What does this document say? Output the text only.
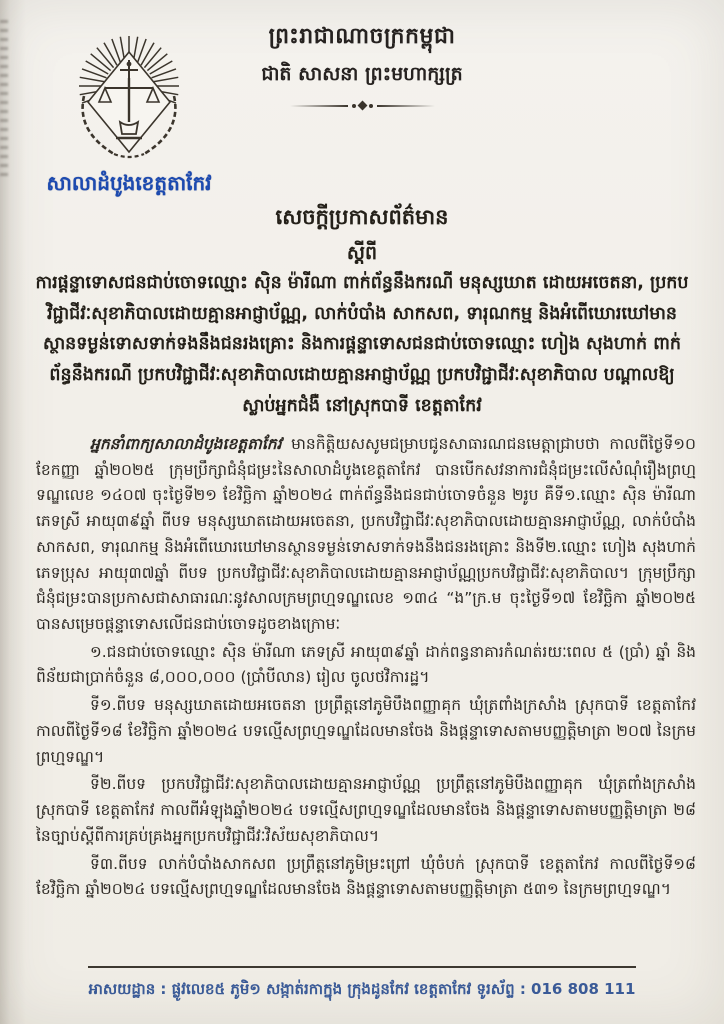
ព្រះរាជាណាចក្រកម្ពុជា
ជាតិ សាសនា ព្រះមហាក្សត្រ
សាលាដំបូងខេត្តតាកែវ
សេចក្តីប្រកាសព័ត៌មាន
ស្តីពី
ការផ្តន្ទាទោសជនជាប់ចោទឈ្មោះ ស៊ិន ម៉ារីណា ពាក់ព័ន្ធនឹងករណី មនុស្សឃាត ដោយអចេតនា, ប្រកបវិជ្ជាជីវៈសុខាភិបាលដោយគ្មានអាជ្ញាប័ណ្ណ, លាក់បំបាំង សាកសព, ទារុណកម្ម និងអំពើឃោរឃៅមានស្ថានទម្ងន់ទោសទាក់ទងនឹងជនរងគ្រោះ និងការផ្តន្ទាទោសជនជាប់ចោទឈ្មោះ ហៀង សុងហាក់ ពាក់ព័ន្ធនឹងករណី ប្រកបវិជ្ជាជីវៈសុខាភិបាលដោយគ្មានអាជ្ញាប័ណ្ណ ប្រកបវិជ្ជាជីវៈសុខាភិបាល បណ្តាលឱ្យស្លាប់អ្នកជំងឺ នៅស្រុកបាទី ខេត្តតាកែវ

អ្នកនាំពាក្យសាលាដំបូងខេត្តតាកែវ មានកិត្តិយសសូមជម្រាបជូនសាធារណជនមេត្តាជ្រាបថា កាលពីថ្ងៃទី១០ ខែកញ្ញា ឆ្នាំ២០២៥ ក្រុមប្រឹក្សាជំនុំជម្រះនៃសាលាដំបូងខេត្តតាកែវ បានបើកសវនាការជំនុំជម្រះលើសំណុំរឿងព្រហ្មទណ្ឌលេខ ១៤០៧ ចុះថ្ងៃទី២១ ខែវិច្ឆិកា ឆ្នាំ២០២៤ ពាក់ព័ន្ធនឹងជនជាប់ចោទចំនួន ២រូប គឺទី១.ឈ្មោះ ស៊ិន ម៉ារីណា ភេទស្រី អាយុ៣៩ឆ្នាំ ពីបទ មនុស្សឃាតដោយអចេតនា, ប្រកបវិជ្ជាជីវៈសុខាភិបាលដោយគ្មានអាជ្ញាប័ណ្ណ, លាក់បំបាំងសាកសព, ទារុណកម្ម និងអំពើឃោរឃៅមានស្ថានទម្ងន់ទោសទាក់ទងនឹងជនរងគ្រោះ និងទី២.ឈ្មោះ ហៀង សុងហាក់ ភេទប្រុស អាយុ៣៧ឆ្នាំ ពីបទ ប្រកបវិជ្ជាជីវៈសុខាភិបាលដោយគ្មានអាជ្ញាប័ណ្ណប្រកបវិជ្ជាជីវៈសុខាភិបាល។ ក្រុមប្រឹក្សាជំនុំជម្រះបានប្រកាសជាសាធារណៈនូវសាលក្រមព្រហ្មទណ្ឌលេខ ១៣៤ “ង”ក្រ.ម ចុះថ្ងៃទី១៧ ខែវិច្ឆិកា ឆ្នាំ២០២៥ បានសម្រេចផ្តន្ទាទោសលើជនជាប់ចោទដូចខាងក្រោមៈ

១.ជនជាប់ចោទឈ្មោះ ស៊ិន ម៉ារីណា ភេទស្រី អាយុ៣៩ឆ្នាំ ដាក់ពន្ធនាគារកំណត់រយៈពេល ៥ (ប្រាំ) ឆ្នាំ និងពិន័យជាប្រាក់ចំនួន ៨,០០០,០០០ (ប្រាំបីលាន) រៀល ចូលថវិការដ្ឋ។

ទី១.ពីបទ មនុស្សឃាតដោយអចេតនា ប្រព្រឹត្តនៅភូមិបឹងពញ្ញាគុក ឃុំត្រពាំងក្រសាំង ស្រុកបាទី ខេត្តតាកែវ កាលពីថ្ងៃទី១៨ ខែវិច្ឆិកា ឆ្នាំ២០២៤ បទល្មើសព្រហ្មទណ្ឌដែលមានចែង និងផ្តន្ទាទោសតាមបញ្ញត្តិមាត្រា ២០៧ នៃក្រមព្រហ្មទណ្ឌ។

ទី២.ពីបទ ប្រកបវិជ្ជាជីវៈសុខាភិបាលដោយគ្មានអាជ្ញាប័ណ្ណ ប្រព្រឹត្តនៅភូមិបឹងពញ្ញាគុក ឃុំត្រពាំងក្រសាំង ស្រុកបាទី ខេត្តតាកែវ កាលពីអំឡុងឆ្នាំ២០២៤ បទល្មើសព្រហ្មទណ្ឌដែលមានចែង និងផ្តន្ទាទោសតាមបញ្ញត្តិមាត្រា ២៨ នៃច្បាប់ស្តីពីការគ្រប់គ្រងអ្នកប្រកបវិជ្ជាជីវៈវិស័យសុខាភិបាល។

ទី៣.ពីបទ លាក់បំបាំងសាកសព ប្រព្រឹត្តនៅភូមិម្រះព្រៅ ឃុំចំបក់ ស្រុកបាទី ខេត្តតាកែវ កាលពីថ្ងៃទី១៨ ខែវិច្ឆិកា ឆ្នាំ២០២៤ បទល្មើសព្រហ្មទណ្ឌដែលមានចែង និងផ្តន្ទាទោសតាមបញ្ញត្តិមាត្រា ៥៣១ នៃក្រមព្រហ្មទណ្ឌ។

អាសយដ្ឋាន : ផ្លូវលេខ៥ ភូមិ១ សង្កាត់រកាក្នុង ក្រុងដូនកែវ ខេត្តតាកែវ ទូរស័ព្ទ : 016 808 111
